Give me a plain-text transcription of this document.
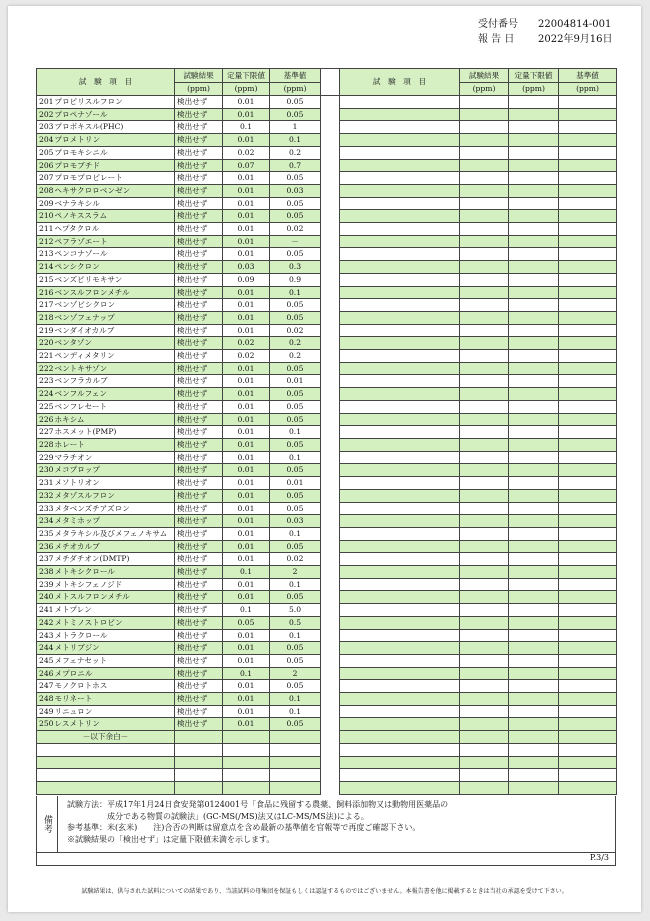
受付番号 22004814-001
報 告 日 2022年9月16日
試　験　項　目		試験結果	定量下限値	基準値		試　験　項　目	試験結果	定量下限値	基準値
		(ppm)	(ppm)	(ppm)			(ppm)	(ppm)	(ppm)
201	プロピリスルフロン	検出せず	0.01	0.05					
202	プロペナゾール	検出せず	0.01	0.05					
203	プロポキスル(PHC)	検出せず	0.1	1					
204	プロメトリン	検出せず	0.01	0.1					
205	プロモキシニル	検出せず	0.02	0.2					
206	プロモブチド	検出せず	0.07	0.7					
207	プロモプロピレート	検出せず	0.01	0.05					
208	ヘキサクロロベンゼン	検出せず	0.01	0.03					
209	ベナラキシル	検出せず	0.01	0.05					
210	ペノキススラム	検出せず	0.01	0.05					
211	ヘプタクロル	検出せず	0.01	0.02					
212	ペフラゾエート	検出せず	0.01	－					
213	ペンコナゾール	検出せず	0.01	0.05					
214	ペンシクロン	検出せず	0.03	0.3					
215	ベンズピリモキサン	検出せず	0.09	0.9					
216	ベンスルフロンメチル	検出せず	0.01	0.1					
217	ベンゾビシクロン	検出せず	0.01	0.05					
218	ベンゾフェナップ	検出せず	0.01	0.05					
219	ベンダイオカルブ	検出せず	0.01	0.02					
220	ベンタゾン	検出せず	0.02	0.2					
221	ペンディメタリン	検出せず	0.02	0.2					
222	ベントキサゾン	検出せず	0.01	0.05					
223	ベンフラカルブ	検出せず	0.01	0.01					
224	ベンフルフェン	検出せず	0.01	0.05					
225	ベンフレセート	検出せず	0.01	0.05					
226	ホキシム	検出せず	0.01	0.05					
227	ホスメット(PMP)	検出せず	0.01	0.1					
228	ホレート	検出せず	0.01	0.05					
229	マラチオン	検出せず	0.01	0.1					
230	メコプロップ	検出せず	0.01	0.05					
231	メソトリオン	検出せず	0.01	0.01					
232	メタゾスルフロン	検出せず	0.01	0.05					
233	メタベンズチアズロン	検出せず	0.01	0.05					
234	メタミホップ	検出せず	0.01	0.03					
235	メタラキシル及びメフェノキサム	検出せず	0.01	0.1					
236	メチオカルブ	検出せず	0.01	0.05					
237	メチダチオン(DMTP)	検出せず	0.01	0.02					
238	メトキシクロール	検出せず	0.1	2					
239	メトキシフェノジド	検出せず	0.01	0.1					
240	メトスルフロンメチル	検出せず	0.01	0.05					
241	メトプレン	検出せず	0.1	5.0					
242	メトミノストロビン	検出せず	0.05	0.5					
243	メトラクロール	検出せず	0.01	0.1					
244	メトリブジン	検出せず	0.01	0.05					
245	メフェナセット	検出せず	0.01	0.05					
246	メプロニル	検出せず	0.1	2					
247	モノクロトホス	検出せず	0.01	0.05					
248	モリネート	検出せず	0.01	0.1					
249	リニュロン	検出せず	0.01	0.1					
250	レスメトリン	検出せず	0.01	0.05					
－以下余白－									

備考
試験方法：平成17年1月24日食安発第0124001号「食品に残留する農薬、飼料添加物又は動物用医薬品の
　　　　　成分である物質の試験法」(GC-MS(/MS)法又はLC-MS/MS法)による。
参考基準：米(玄米)　　注)合否の判断は留意点を含め最新の基準値を官報等で再度ご確認下さい。
※試験結果の「検出せず」は定量下限値未満を示します。
P.3/3
試験結果は、供与された試料についての結果であり、当該試料の母集団を保証もしくは認証するものではございません。本報告書を他に掲載するときは当社の承認を受けて下さい。
